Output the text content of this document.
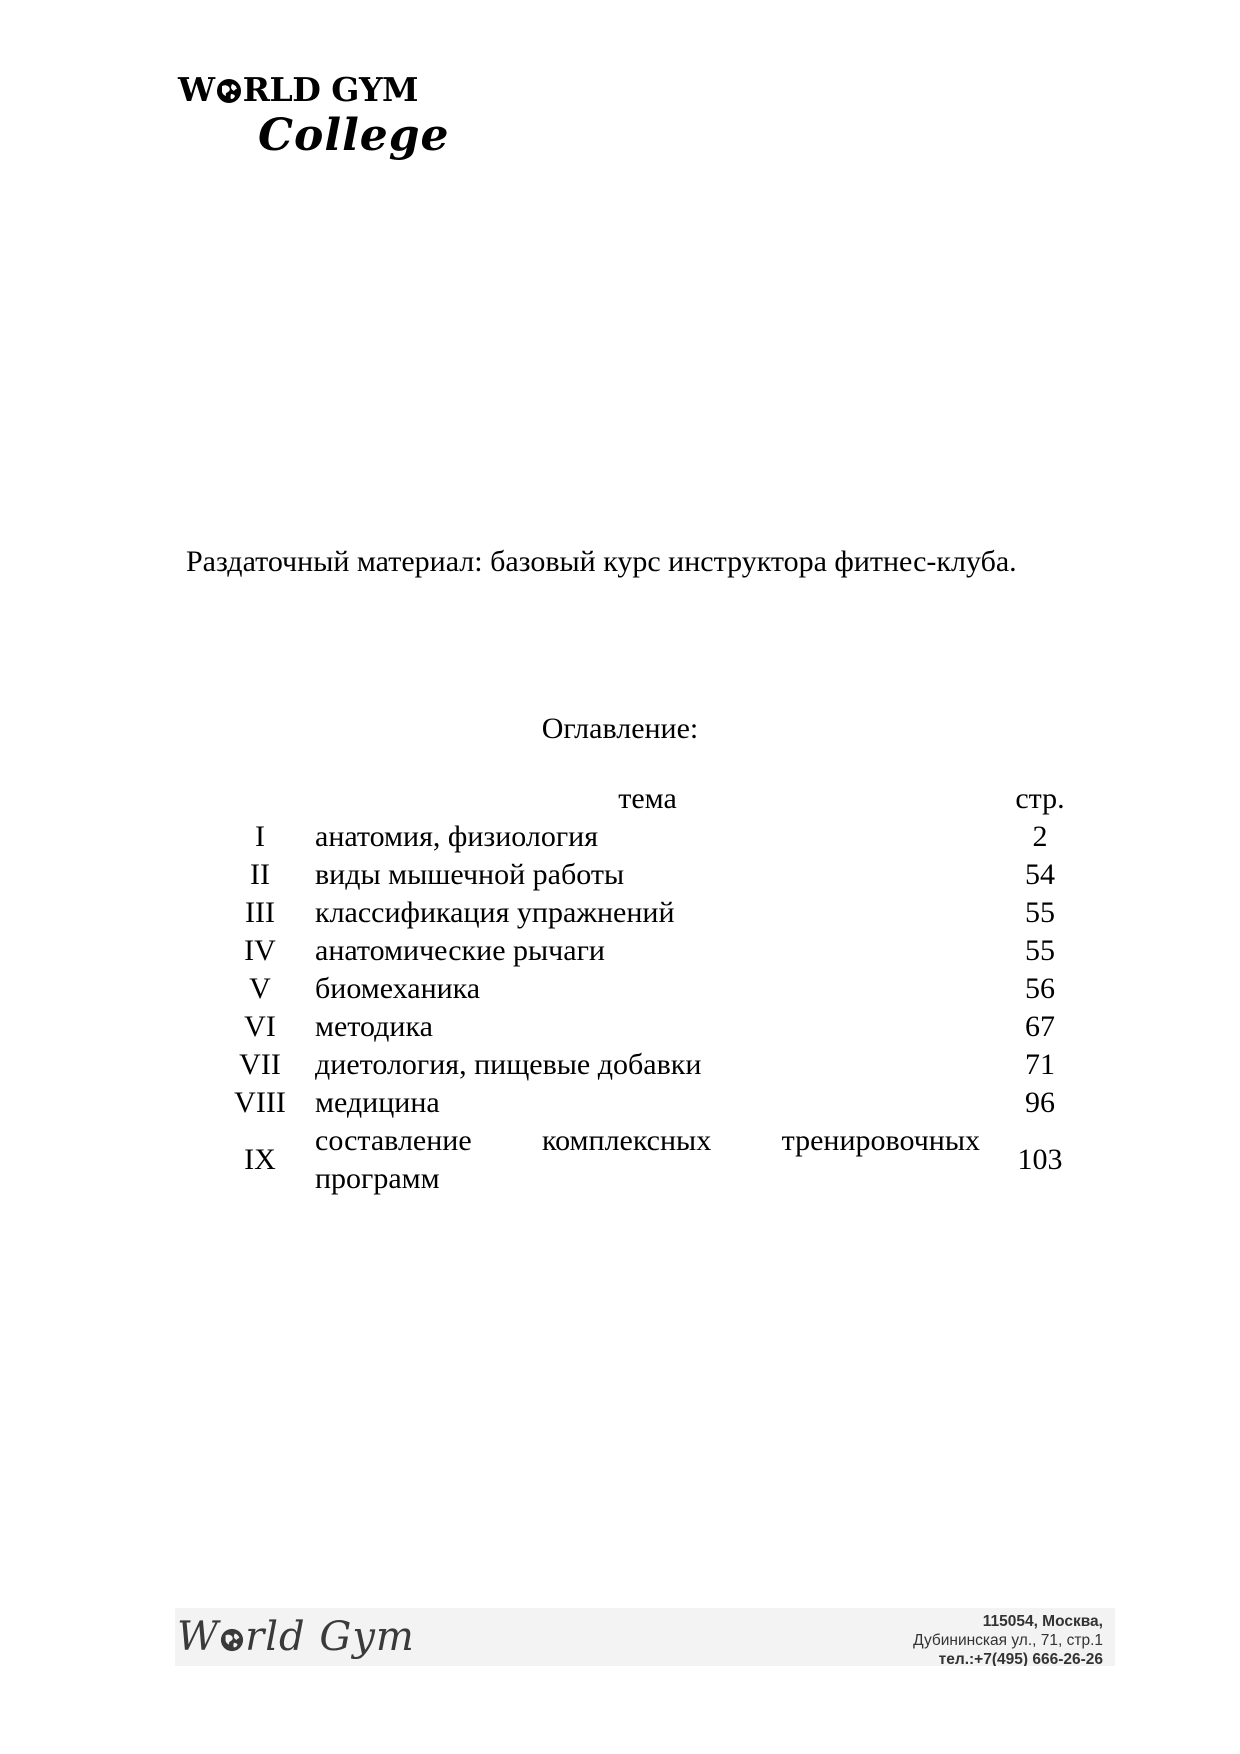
W RLD GYM
College
Раздаточный материал: базовый курс инструктора фитнес-клуба.
Оглавление:
	тема	стр.
I	анатомия, физиология	2
II	виды мышечной работы	54
III	классификация упражнений	55
IV	анатомические рычаги	55
V	биомеханика	56
VI	методика	67
VII	диетология, пищевые добавки	71
VIII	медицина	96
IX	составление комплексных тренировочных программ	103
W rld Gym	115054, Москва,
Дубининская ул., 71, стр.1
тел.:+7(495) 666-26-26
